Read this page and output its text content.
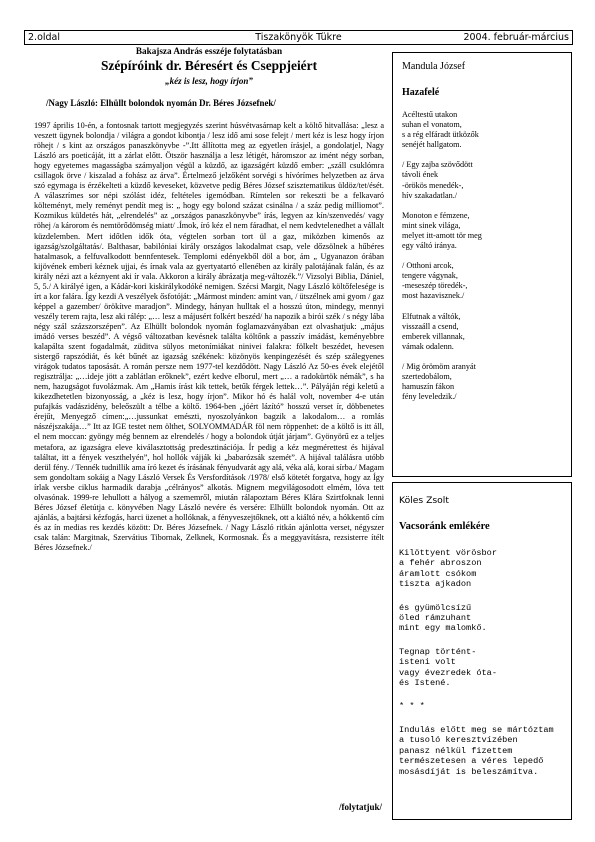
2.oldal	Tiszakönyök Tükre	2004. február-március

Bakajsza András esszéje folytatásban

Szépíróink dr. Béresért és Cseppjeiért

„kéz is lesz, hogy írjon”

/Nagy László: Elhüllt bolondok nyomán Dr. Béres Józsefnek/

1997 április 10-én, a fontosnak tartott megjegyzés szerint húsvétvasárnap kelt a költő hitvallása: „lesz a veszett ügynek bolondja / világra a gondot kibontja / lesz idő ami sose felejt / mert kéz is lesz hogy írjon röhejt / s kint az országos panaszkönyvbe -”.Itt állította meg az egyetlen írásjel, a gondolatjel, Nagy László ars poeticáját, itt a zárlat előtt. Ötször használja a lesz létigét, háromszor az imént négy sorban, hogy egyetemes magasságba számyaljon végül a küzdő, az igazságért küzdő ember: „száll csuklómra csillagok örve / kiszalad a fohász az árva”. Értelmező jelzőként sorvégi s hívórímes helyzetben az árva szó egymaga is érzékelteti a küzdő keveseket, közvetve pedig Béres József szisztematikus üldöz/tet/ését. A válaszrímes sor népi szólást idéz, feltételes igemódban. Rímtelen sor rekeszti be a felkavaró költeményt, mely reményt pendít meg is: „ hogy egy bolond százat csinálna / a száz pedig milliomot”. Kozmikus küldetés hát, „elrendelés” az „országos panaszkönyvbe” írás, legyen az kín/szenvedés/ vagy röhej /a károrom és nemtörődömség miatt/ .Ímok, író kéz el nem fáradhat, el nem kedvtelenedhet a vállalt küzdelemben. Mert időtlen idők óta, végtelen sorban tort ül a gaz, miközben kimenős az igazság/szolgáltatás/. Balthasar, babilóniai király országos lakodalmat csap, vele dőzsölnek a hűbéres hatalmasok, a felfuvalkodott bennfentesek. Templomi edényekből döl a bor, ám „ Ugyanazon órában kijövének emberi kéznek ujjai, és írnak vala az gyertyatartó ellenében az király palotájának falán, és az király nézi azt a kéznyent aki ír vala. Akkoron a király ábrázatja meg-változék.”/ Vizsolyi Biblia, Dániel, 5, 5./ A királyé igen, a Kádár-kori kiskirálykodóké nemigen. Szécsi Margit, Nagy László költőfelesége is írt a kor falára. Így kezdi A veszélyek ősfotóját: „Mármost minden: amint van, / ütszélnek ami gyom / gaz képpel a gazember/ örökítve maradjon”. Mindegy, hányan hulltak el a hosszú úton, mindegy, mennyi veszély terem rajta, lesz aki rálép: „… lesz a májusért folkért beszéd/ ha napozik a birói szék / s négy lába négy szál százszorszépen”. Az Elhüllt bolondok nyomán foglamazványában ezt olvashatjuk: „május imádó verses beszéd”. A végső változatban kevésnek találta költőnk a passzív imádást, keményebbre kalapálta szent fogadalmát, züditva sülyos metonímiákat ninivei falakra: fölkelt beszédet, hevesen sistergő rapszódiát, és két bűnét az igazság székének: közönyös kenpingezését és szép szálegyenes virágok tudatos taposását. A román persze nem 1977-tel kezdődött. Nagy László Az 50-es évek elejétől regisztrálja: „…ideje jött a zablátlan erőknek”, ezért kedve elborul, mert „… a radokürtök némák”, s ha nem, hazugságot fuvolázmak. Am „Hamis írást kik tettek, betűk férgek lettek…”. Pályáján régi keletű a kikezdhetetlen bizonyosság, a „kéz is lesz, hogy írjon”. Mikor hó és halál volt, november 4-e után pufajkás vadászidény, beleőszült a télbe a költő. 1964-ben „jóért lázító” hosszú verset ír, döbbenetes érejűt, Menyegző címen:„…jussunkat emészti, nyoszolyánkon bagzik a lakodalom… a romlás nászéjszakája…” Itt az IGE testet nem ölthet, SOLYOMMADÁR föl nem röppenhet: de a költő is itt áll, el nem moccan: gyöngy még bennem az elrendelés / hogy a bolondok útját járjam”. Gyönyörű ez a teljes metafora, az igazságra eleve kiválasztottság predesztinációja. Ír pedig a kéz megmérettest és hijával találtat, itt a fények veszthelyén”, hol hollók vájják ki „babarózsák szemét”. A hijával találásra utóbb derül fény. / Tennék tudnillik ama író kezet és írásának fényudvarát agy alá, véka alá, korai sírba./ Magam sem gondoltam sokáig a Nagy László Versek És Versfordítások /1978/ első kötetét forgatva, hogy az Így írlak versbe ciklus harmadik darabja „célrányos” alkotás. Mignem megvilágosodott elmém, lóva tett olvasónak. 1999-re lehullott a hályog a szememről, miután rálapoztam Béres Klára Szirtfoknak lenni Béres József életútja c. könyvében Nagy László nevére és versére: Elhüllt bolondok nyomán. Ott az ajánlás, a bajtársi kézfogás, harci üzenet a hollóknak, a fényveszejtőknek, ott a kiáltó név, a hókkentő cím és az ín medias res kezdés között: Dr. Béres Józsefnek. / Nagy László ritkán ajánlotta verset, négyszer csak talán: Margitnak, Szervátius Tibornak, Zelknek, Kormosnak. És a meggyavításra, rezsisterre ítélt Béres Józsefnek./
/folytatjuk/
Mandula József
Hazafelé
Acéltestű utakon
suhan el vonatom,
s a rég elfáradt ütközők
senéjét hallgatom.
/ Egy zajba szövődött
távoli ének
-örökös menedék-,
hív szakadatlan./
Monoton e fémzene,
mint sinek világa,
melyet itt-amott tör meg
egy váltó iránya.
/ Otthoni arcok,
tengere vágynak,
-meseszép töredék-,
most hazavisznek./
Elfutnak a váltók,
visszaáll a csend,
emberek villannak,
vámak odalenn.
/ Mig örömöm aranyát
szertedobálom,
hamuszín fákon
fény leveledzik./
Köles Zsolt
Vacsoránk emlékére
Kilöttyent vörösbor
a fehér abroszon
áramlott csókom
tiszta ajkadon
és gyümölcsízű
öled rámzuhant
mint egy malomkő.
Tegnap történt-
isteni volt
vagy évezredek óta-
és Istené.
* * *
Indulás előtt meg se mártóztam
a tusoló keresztvízében
panasz nélkül fizettem
természetesen a véres lepedő
mosásdíját is beleszámítva.
